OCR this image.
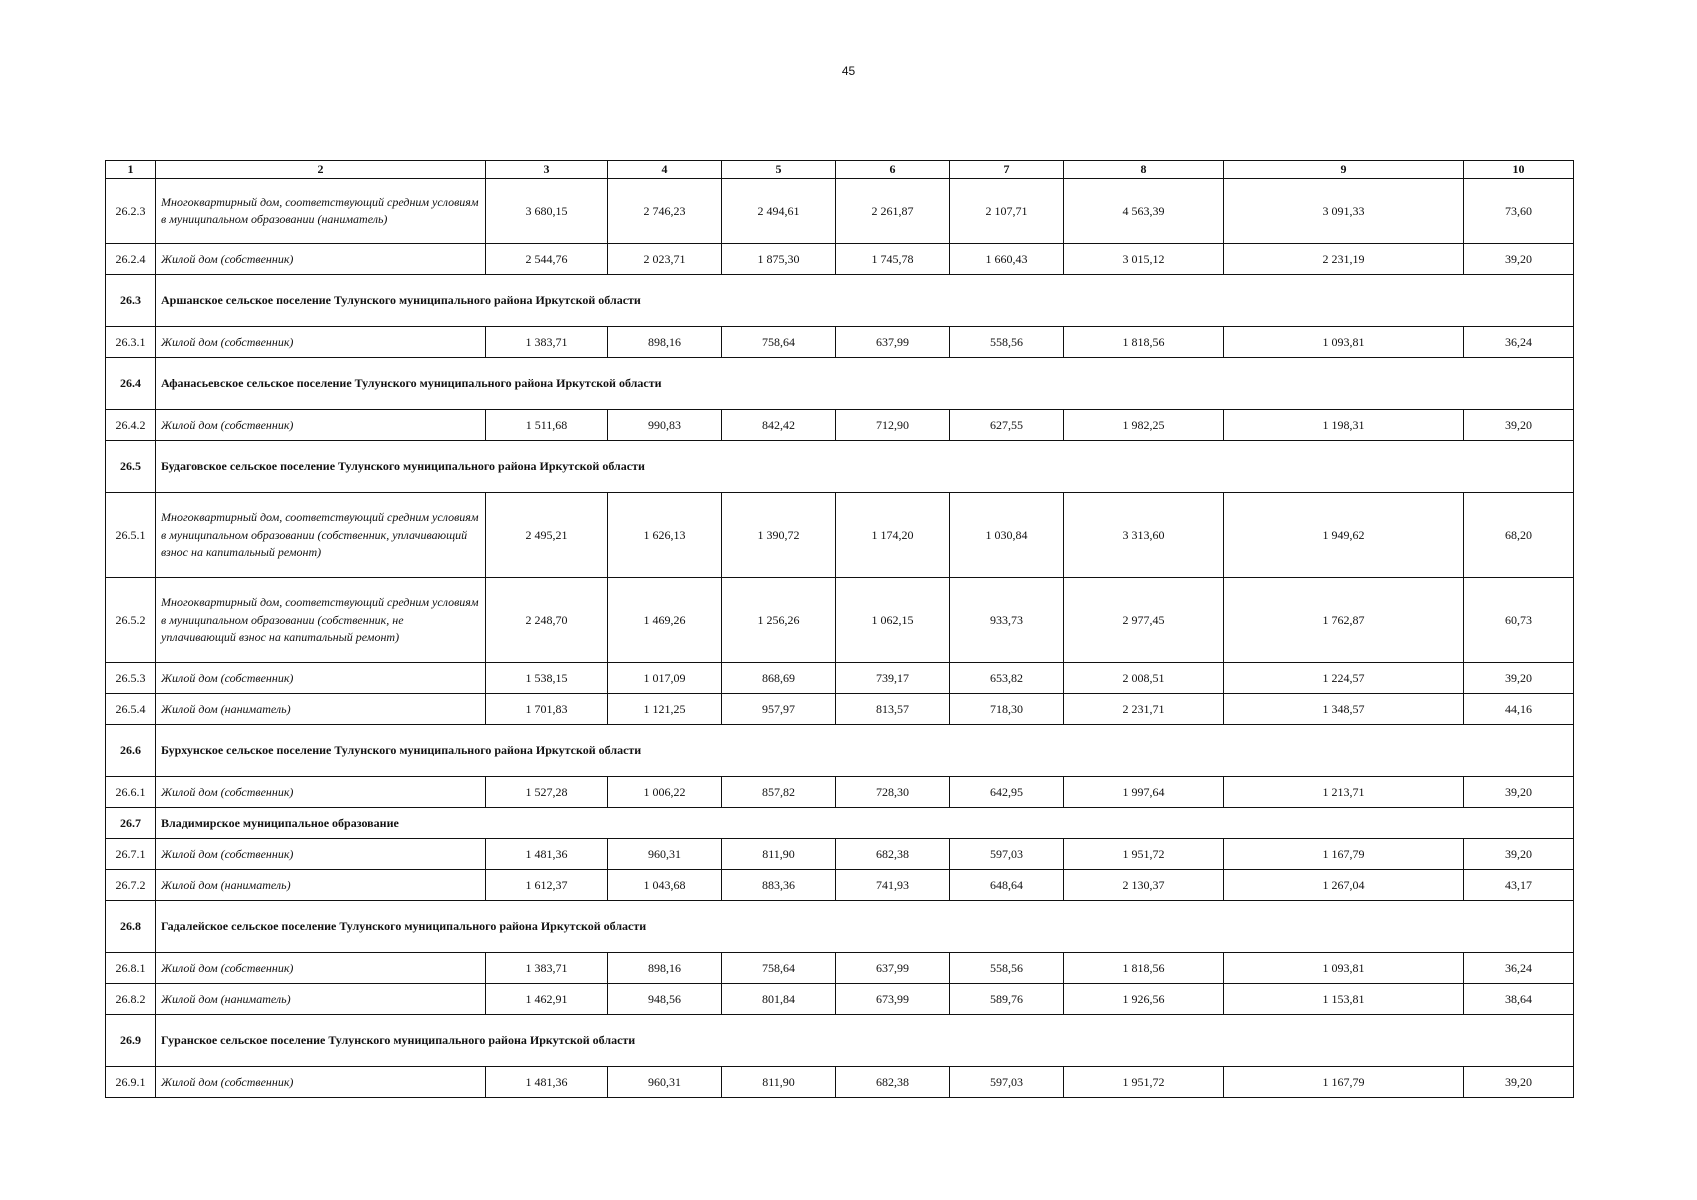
45
1	2	3	4	5	6	7	8	9	10
26.2.3	Многоквартирный дом, соответствующий средним условиям в муниципальном образовании (наниматель)	3 680,15	2 746,23	2 494,61	2 261,87	2 107,71	4 563,39	3 091,33	73,60
26.2.4	Жилой дом (собственник)	2 544,76	2 023,71	1 875,30	1 745,78	1 660,43	3 015,12	2 231,19	39,20
26.3	Аршанское сельское поселение Тулунского муниципального района Иркутской области								
26.3.1	Жилой дом (собственник)	1 383,71	898,16	758,64	637,99	558,56	1 818,56	1 093,81	36,24
26.4	Афанасьевское сельское поселение Тулунского муниципального района Иркутской области								
26.4.2	Жилой дом (собственник)	1 511,68	990,83	842,42	712,90	627,55	1 982,25	1 198,31	39,20
26.5	Будаговское сельское поселение Тулунского муниципального района Иркутской области								
26.5.1	Многоквартирный дом, соответствующий средним условиям в муниципальном образовании (собственник, уплачивающий взнос на капитальный ремонт)	2 495,21	1 626,13	1 390,72	1 174,20	1 030,84	3 313,60	1 949,62	68,20
26.5.2	Многоквартирный дом, соответствующий средним условиям в муниципальном образовании (собственник, не уплачивающий взнос на капитальный ремонт)	2 248,70	1 469,26	1 256,26	1 062,15	933,73	2 977,45	1 762,87	60,73
26.5.3	Жилой дом (собственник)	1 538,15	1 017,09	868,69	739,17	653,82	2 008,51	1 224,57	39,20
26.5.4	Жилой дом (наниматель)	1 701,83	1 121,25	957,97	813,57	718,30	2 231,71	1 348,57	44,16
26.6	Бурхунское сельское поселение Тулунского муниципального района Иркутской области								
26.6.1	Жилой дом (собственник)	1 527,28	1 006,22	857,82	728,30	642,95	1 997,64	1 213,71	39,20
26.7	Владимирское муниципальное образование								
26.7.1	Жилой дом (собственник)	1 481,36	960,31	811,90	682,38	597,03	1 951,72	1 167,79	39,20
26.7.2	Жилой дом (наниматель)	1 612,37	1 043,68	883,36	741,93	648,64	2 130,37	1 267,04	43,17
26.8	Гадалейское сельское поселение Тулунского муниципального района Иркутской области								
26.8.1	Жилой дом (собственник)	1 383,71	898,16	758,64	637,99	558,56	1 818,56	1 093,81	36,24
26.8.2	Жилой дом (наниматель)	1 462,91	948,56	801,84	673,99	589,76	1 926,56	1 153,81	38,64
26.9	Гуранское сельское поселение Тулунского муниципального района Иркутской области								
26.9.1	Жилой дом (собственник)	1 481,36	960,31	811,90	682,38	597,03	1 951,72	1 167,79	39,20
